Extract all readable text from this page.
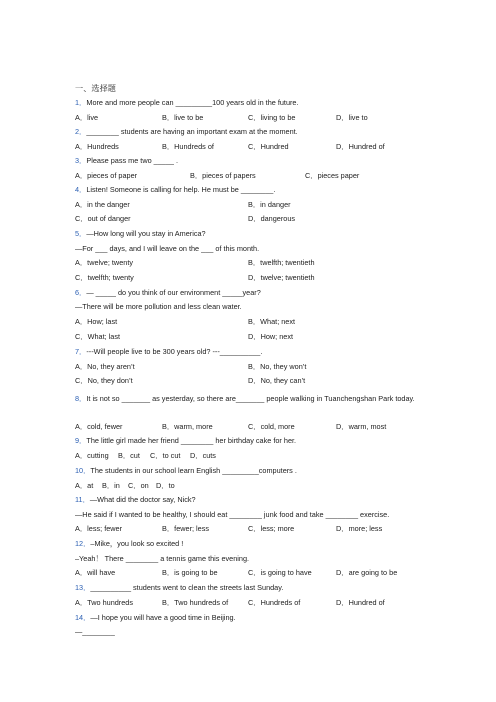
一、选择题
1．More and more people can _________100 years old in the future.
A．live	B．live to be	C．living to be	D．live to
2．________ students are having an important exam at the moment.
A．Hundreds	B．Hundreds of	C．Hundred	D．Hundred of
3．Please pass me two _____ .
A．pieces of paper	B．pieces of papers	C．pieces paper
4．Listen! Someone is calling for help. He must be ________.
A．in the danger	B．in danger
C．out of danger	D．dangerous
5．—How long will you stay in America?
—For ___ days, and I will leave on the ___ of this month.
A．twelve; twenty	B．twelfth; twentieth
C．twelfth; twenty	D．twelve; twentieth
6．— _____ do you think of our environment _____year?
—There will be more pollution and less clean water.
A．How; last	B．What; next
C．What; last	D．How; next
7．---Will people live to be 300 years old? ---__________.
A．No, they aren’t	B．No, they won’t
C．No, they don’t	D．No, they can’t
8．It is not so _______ as yesterday, so there are_______ people walking in Tuanchengshan Park today.
A．cold, fewer	B．warm, more	C．cold, more	D．warm, most
9．The little girl made her friend ________ her birthday cake for her.
A．cutting B．cut C．to cut D．cuts
10．The students in our school learn English _________computers .
A．at B．in C．on D．to
11．—What did the doctor say, Nick?
—He said if I wanted to be healthy, I should eat ________ junk food and take ________ exercise.
A．less; fewer	B．fewer; less	C．less; more	D．more; less
12．–Mike，you look so excited !
–Yeah！ There ________ a tennis game this evening.
A．will have	B．is going to be	C．is going to have	D．are going to be
13．__________ students went to clean the streets last Sunday.
A．Two hundreds	B．Two hundreds of	C．Hundreds of	D．Hundred of
14．—I hope you will have a good time in Beijing.
—________
